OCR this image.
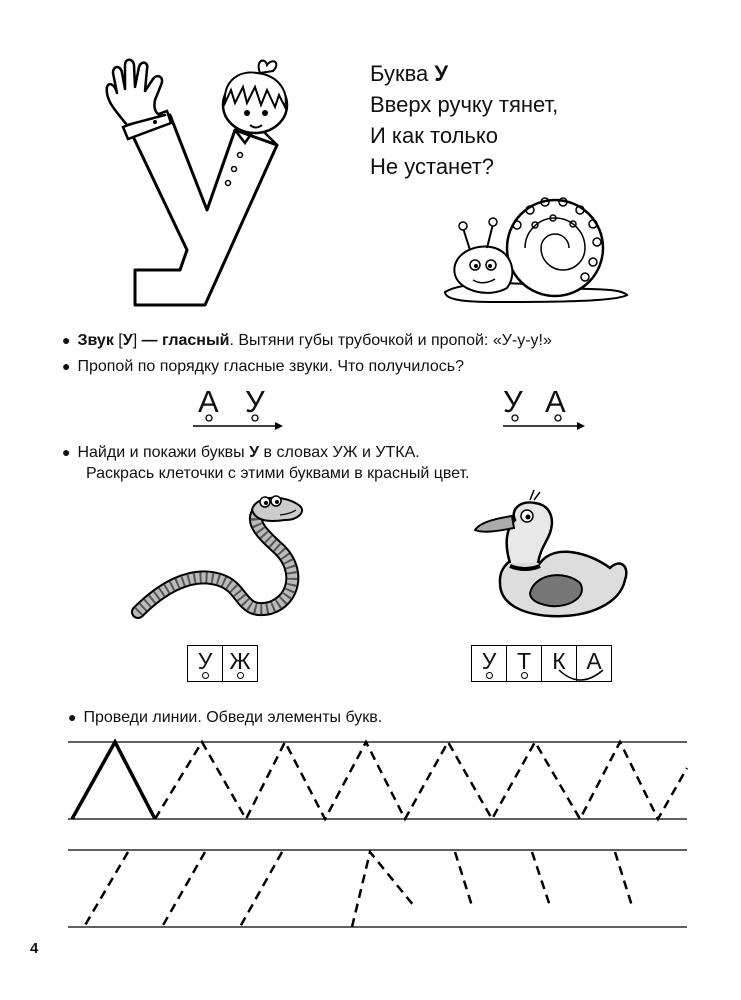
Буква У
Вверх ручку тянет,
И как только
Не устанет?
● Звук [У] — гласный. Вытяни губы трубочкой и пропой: «У-у-у!»
● Пропой по порядку гласные звуки. Что получилось?
А У	У А
● Найди и покажи буквы У в словах УЖ и УТКА.
Раскрась клеточки с этими буквами в красный цвет.
У Ж	У Т К А
● Проведи линии. Обведи элементы букв.
4
